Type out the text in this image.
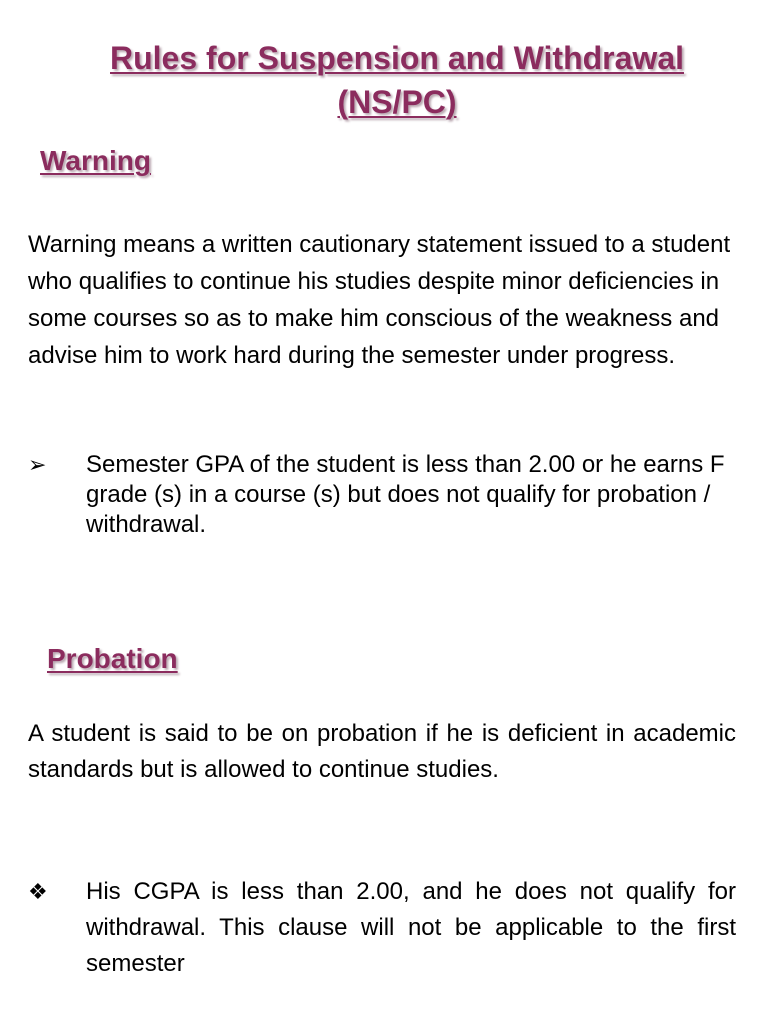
Rules for Suspension and Withdrawal
(NS/PC)
Warning
Warning means a written cautionary statement issued to a student who qualifies to continue his studies despite minor deficiencies in some courses so as to make him conscious of the weakness and advise him to work hard during the semester under progress.
➢	Semester GPA of the student is less than 2.00 or he earns F grade (s) in a course (s) but does not qualify for probation / withdrawal.
Probation
A student is said to be on probation if he is deficient in academic standards but is allowed to continue studies.
❖	His CGPA is less than 2.00, and he does not qualify for withdrawal. This clause will not be applicable to the first semester
